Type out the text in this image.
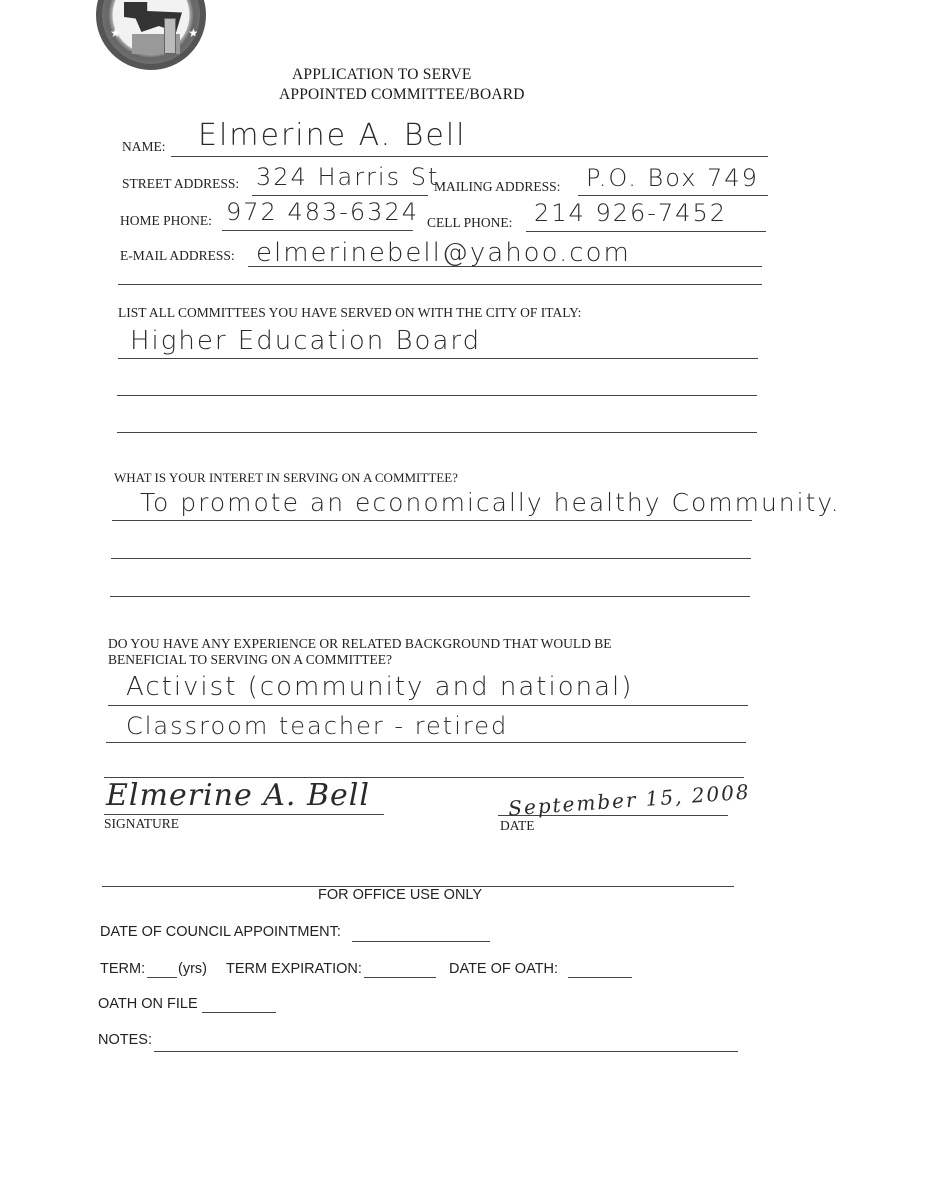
★	★
APPLICATION TO SERVE
APPOINTED COMMITTEE/BOARD
NAME: Elmerine A. Bell
STREET ADDRESS: 324 Harris St.
MAILING ADDRESS: P.O. Box 749
HOME PHONE: 972 483-6324 CELL PHONE: 214 926-7452
E-MAIL ADDRESS: elmerinebell@yahoo.com
LIST ALL COMMITTEES YOU HAVE SERVED ON WITH THE CITY OF ITALY:
Higher Education Board
WHAT IS YOUR INTERET IN SERVING ON A COMMITTEE?
To promote an economically healthy Community.
DO YOU HAVE ANY EXPERIENCE OR RELATED BACKGROUND THAT WOULD BE
BENEFICIAL TO SERVING ON A COMMITTEE?
Activist (community and national)
Classroom teacher - retired
Elmerine A. Bell
SIGNATURE
September 15, 2008
DATE
FOR OFFICE USE ONLY
DATE OF COUNCIL APPOINTMENT:
TERM: (yrs) TERM EXPIRATION:	DATE OF OATH:
OATH ON FILE
NOTES:
